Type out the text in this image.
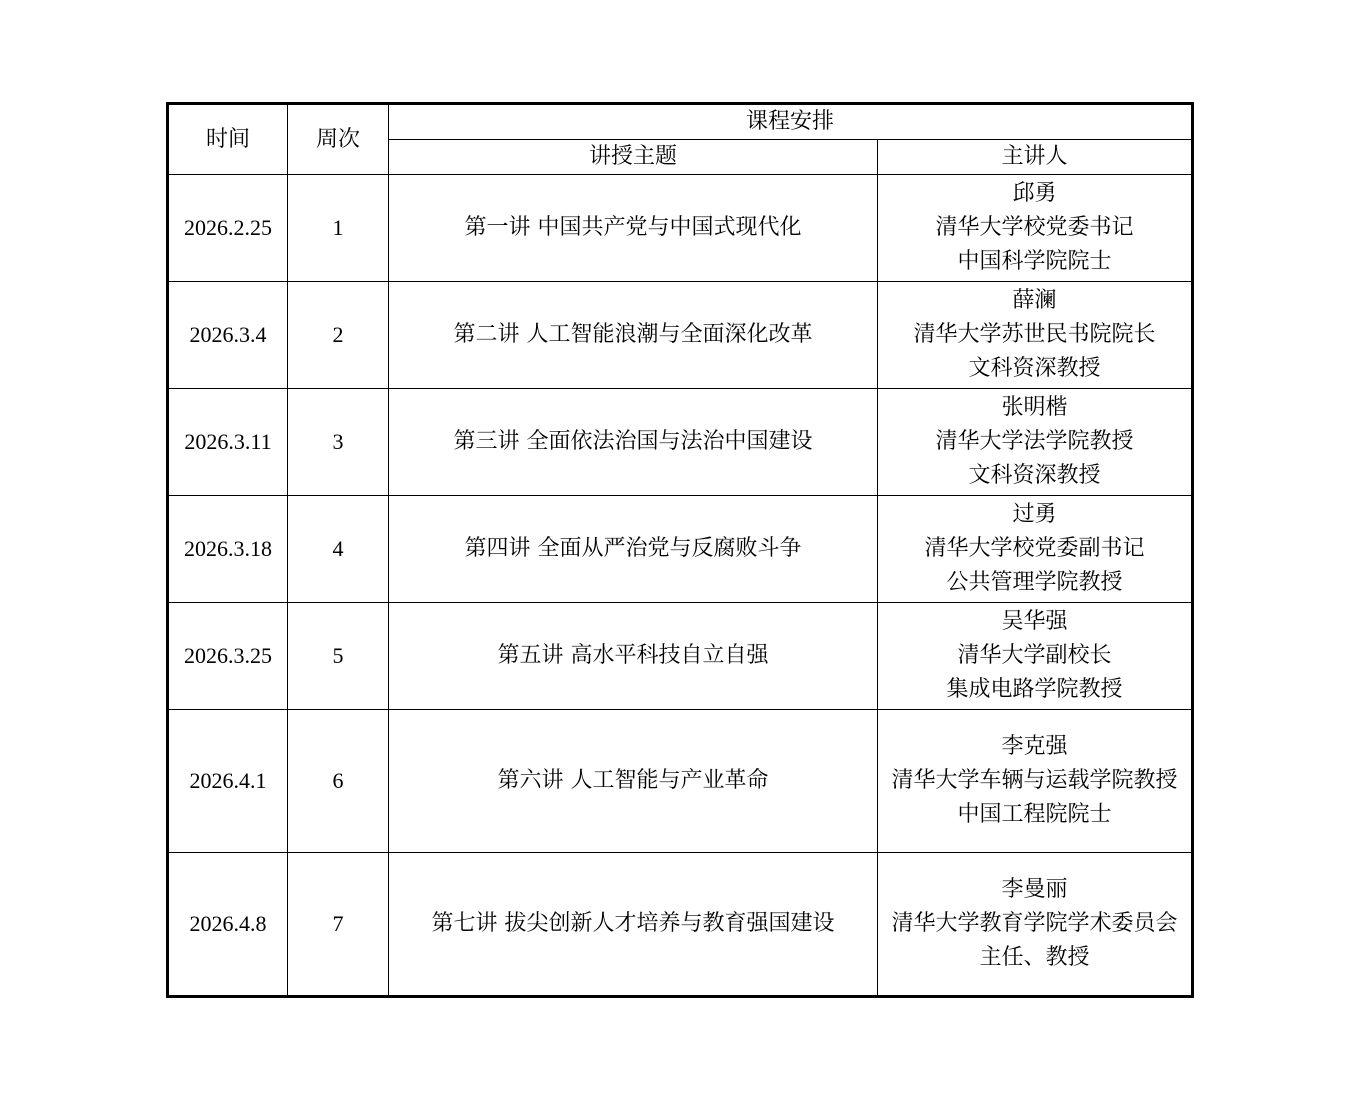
时间	周次	课程安排	
		讲授主题	主讲人
2026.2.25	1	第一讲 中国共产党与中国式现代化	邱勇
清华大学校党委书记
中国科学院院士

2026.3.4	2	第二讲 人工智能浪潮与全面深化改革	薛澜
清华大学苏世民书院院长
文科资深教授

2026.3.11	3	第三讲 全面依法治国与法治中国建设	张明楷
清华大学法学院教授
文科资深教授

2026.3.18	4	第四讲 全面从严治党与反腐败斗争	过勇
清华大学校党委副书记
公共管理学院教授

2026.3.25	5	第五讲 高水平科技自立自强	吴华强
清华大学副校长
集成电路学院教授

2026.4.1	6	第六讲 人工智能与产业革命	李克强
清华大学车辆与运载学院教授
中国工程院院士

2026.4.8	7	第七讲 拔尖创新人才培养与教育强国建设	李曼丽
清华大学教育学院学术委员会
主任、教授
